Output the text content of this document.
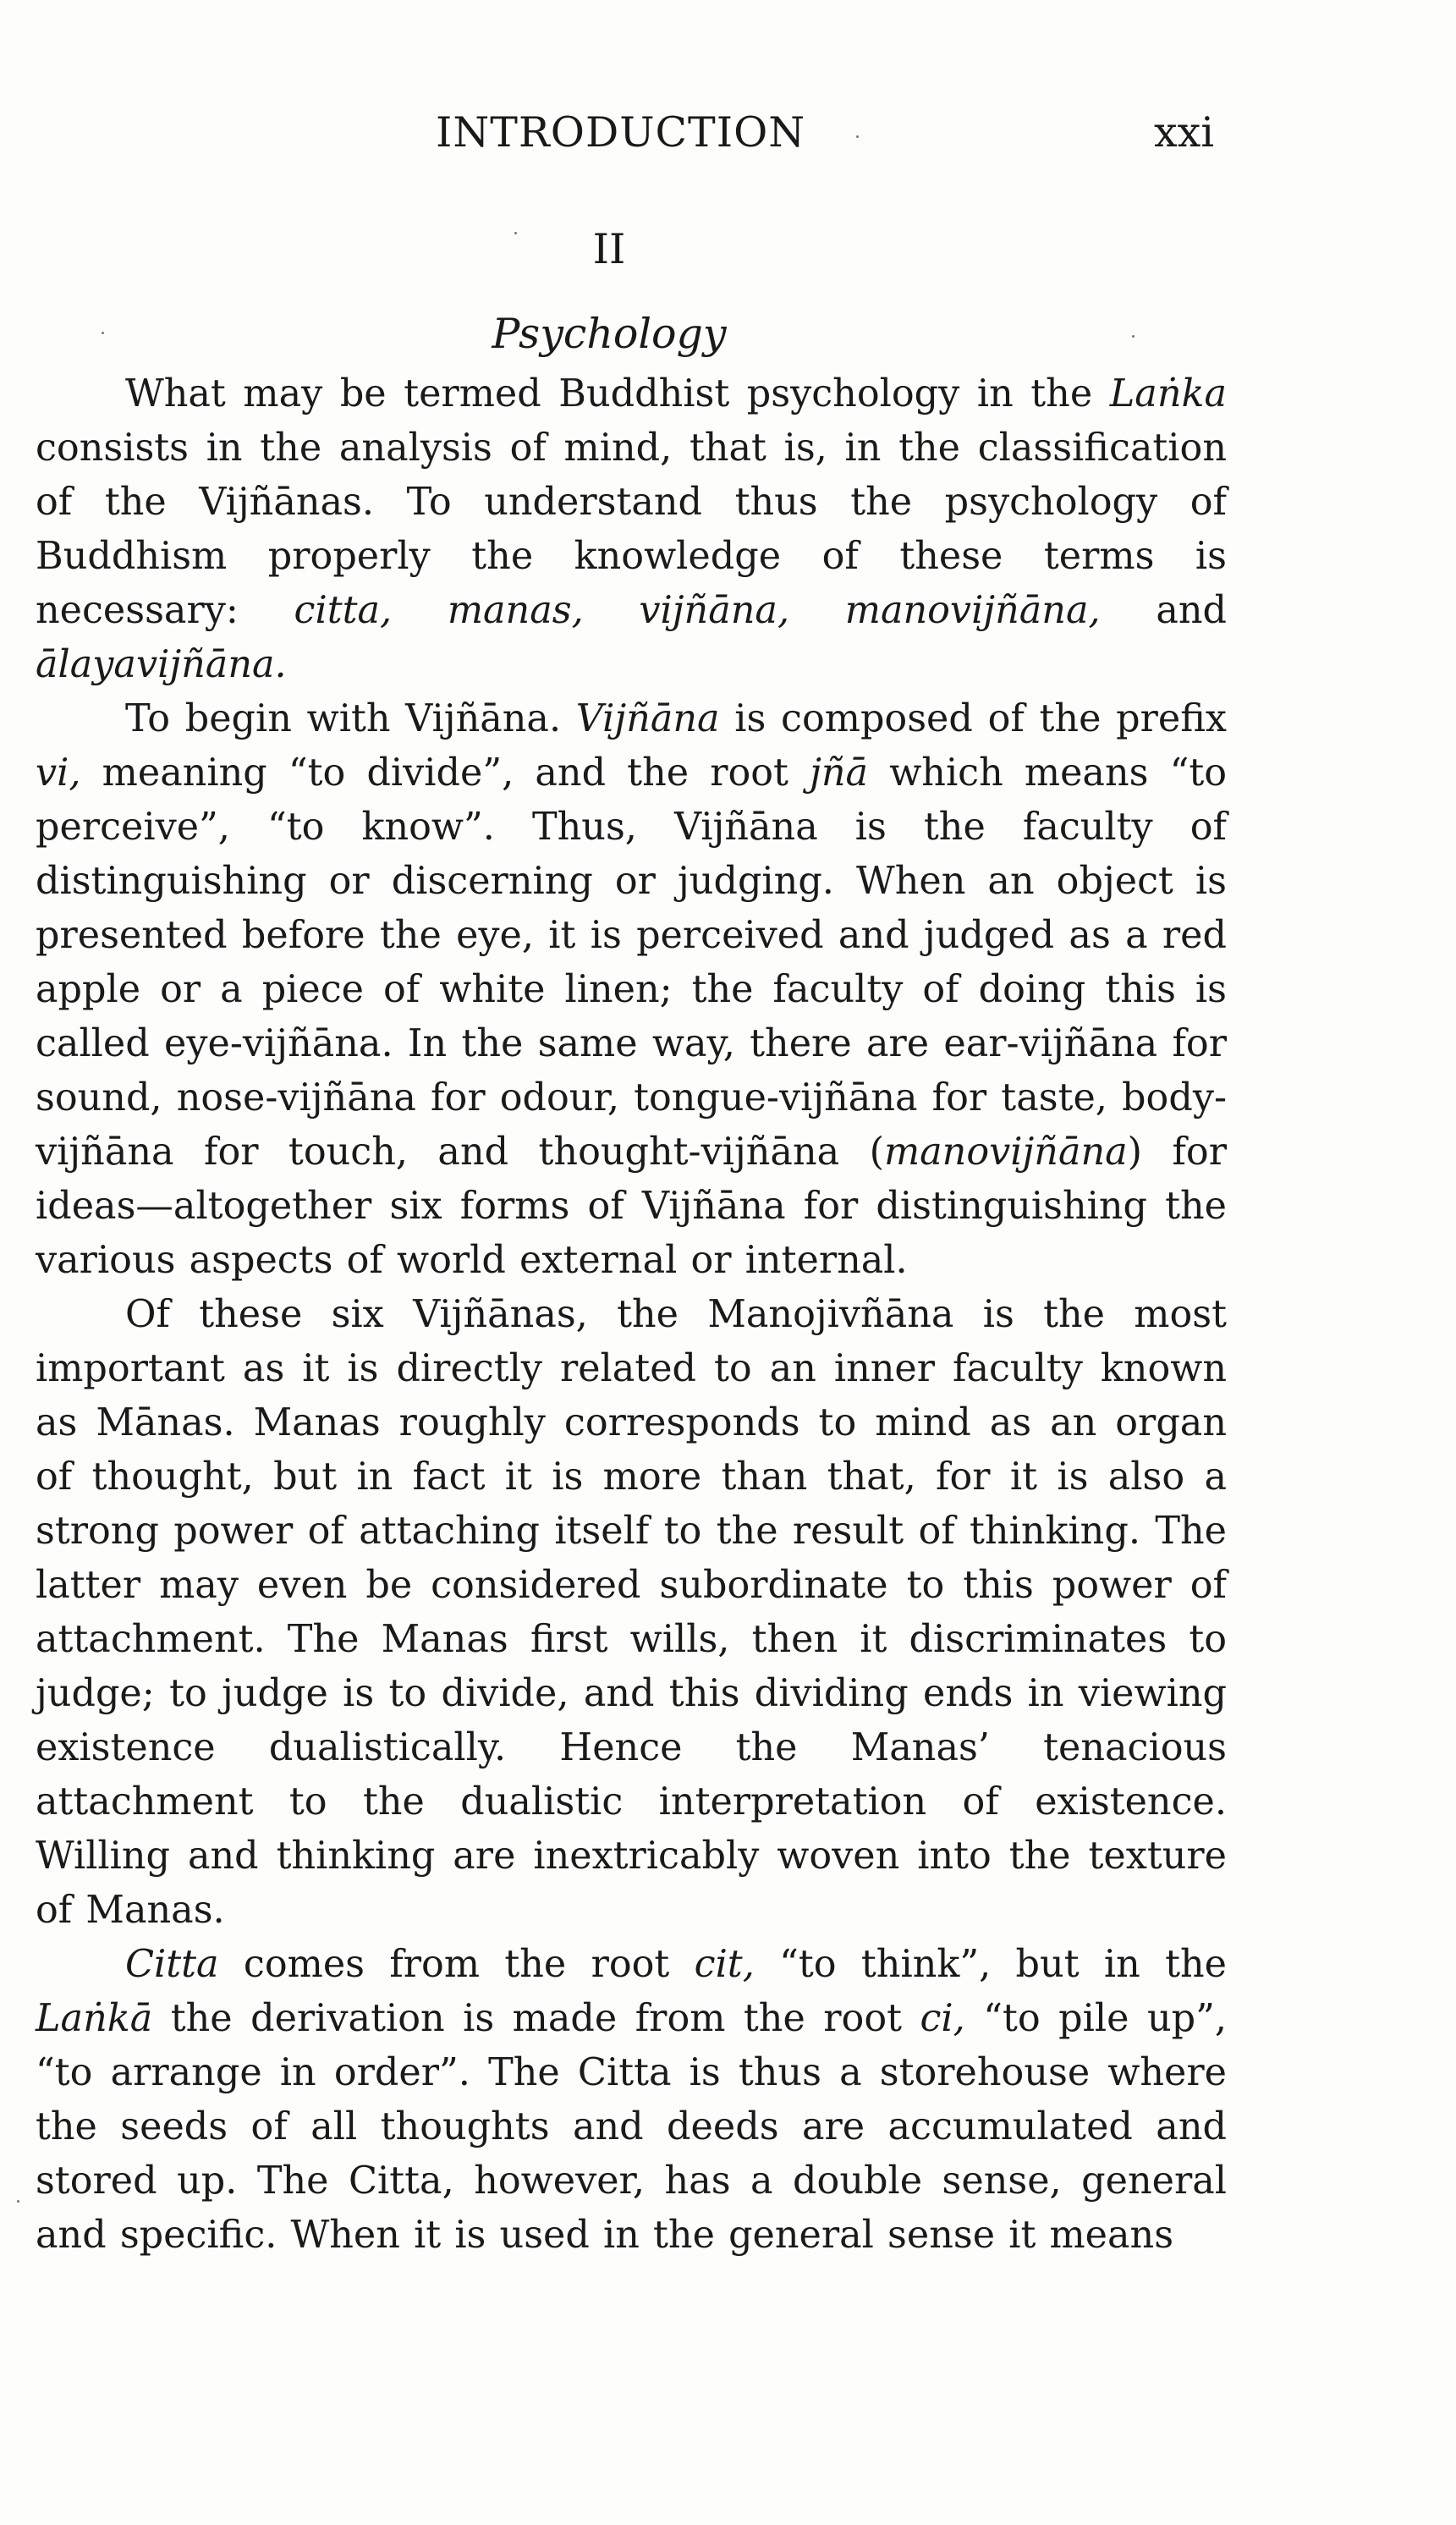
INTRODUCTION	xxi
II
Psychology

What may be termed Buddhist psychology in the Laṅka consists in the analysis of mind, that is, in the classification of the Vijñānas. To understand thus the psychology of Buddhism properly the knowledge of these terms is necessary: citta, manas, vijñāna, manovijñāna, and ālayavijñāna.

To begin with Vijñāna. Vijñāna is composed of the prefix vi, meaning “to divide”, and the root jñā which means “to perceive”, “to know”. Thus, Vijñāna is the faculty of distinguishing or discerning or judging. When an object is presented before the eye, it is perceived and judged as a red apple or a piece of white linen; the faculty of doing this is called eye-vijñāna. In the same way, there are ear-vijñāna for sound, nose-vijñāna for odour, tongue-vijñāna for taste, body-vijñāna for touch, and thought-vijñāna (manovijñāna) for ideas—altogether six forms of Vijñāna for distinguishing the various aspects of world external or internal.

Of these six Vijñānas, the Manojivñāna is the most important as it is directly related to an inner faculty known as Mānas. Manas roughly corresponds to mind as an organ of thought, but in fact it is more than that, for it is also a strong power of attaching itself to the result of thinking. The latter may even be considered subordinate to this power of attachment. The Manas first wills, then it discriminates to judge; to judge is to divide, and this dividing ends in viewing existence dualistically. Hence the Manas’ tenacious attachment to the dualistic interpretation of existence. Willing and thinking are inextricably woven into the texture of Manas.

Citta comes from the root cit, “to think”, but in the Laṅkā the derivation is made from the root ci, “to pile up”, “to arrange in order”. The Citta is thus a storehouse where the seeds of all thoughts and deeds are accumulated and stored up. The Citta, however, has a double sense, general and specific. When it is used in the general sense it means
